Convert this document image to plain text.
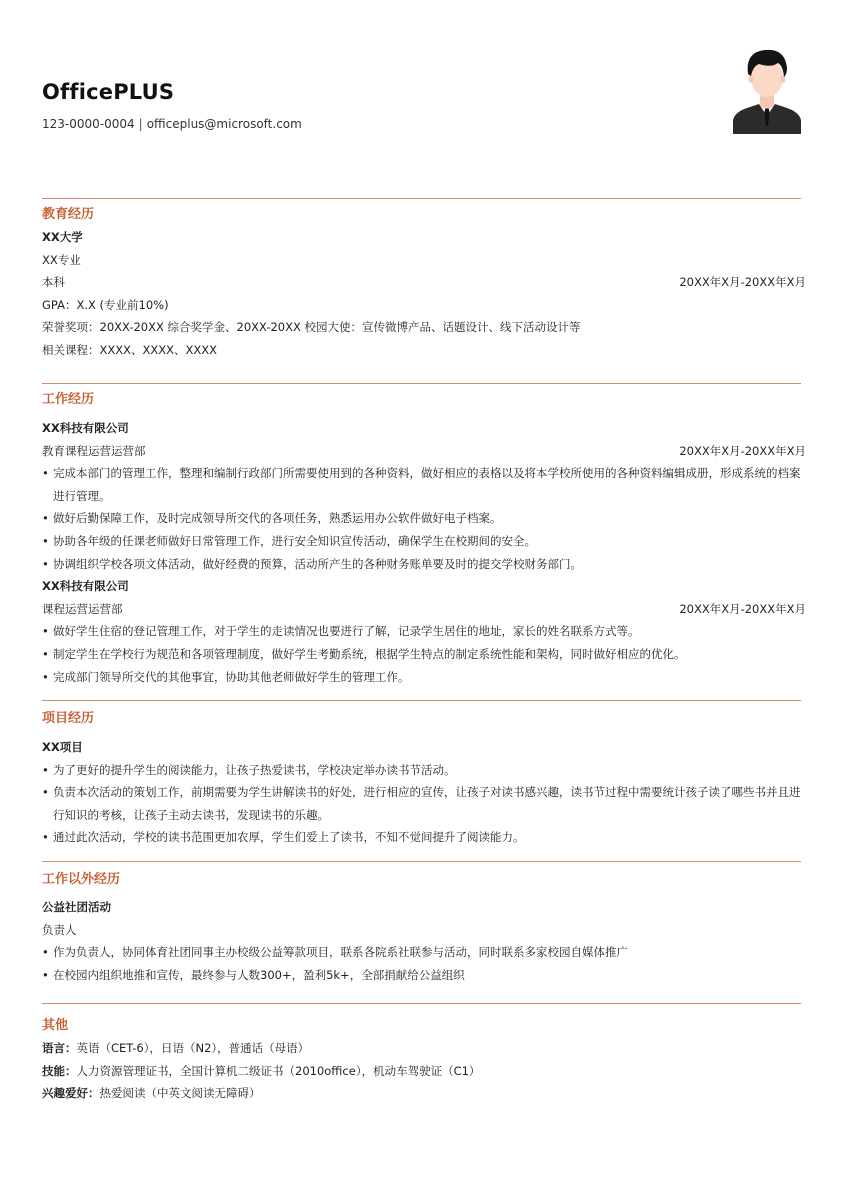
OfficePLUS
123-0000-0004 | officeplus@microsoft.com
教育经历
XX大学
XX专业
本科	20XX年X月-20XX年X月
GPA：X.X (专业前10%)
荣誉奖项：20XX-20XX 综合奖学金、20XX-20XX 校园大使：宣传微博产品、话题设计、线下活动设计等
相关课程：XXXX、XXXX、XXXX
工作经历
XX科技有限公司
教育课程运营运营部	20XX年X月-20XX年X月
• 完成本部门的管理工作，整理和编制行政部门所需要使用到的各种资料，做好相应的表格以及将本学校所使用的各种资料编辑成册，形成系统的档案进行管理。
• 做好后勤保障工作，及时完成领导所交代的各项任务，熟悉运用办公软件做好电子档案。
• 协助各年级的任课老师做好日常管理工作，进行安全知识宣传活动，确保学生在校期间的安全。
• 协调组织学校各项文体活动，做好经费的预算，活动所产生的各种财务账单要及时的提交学校财务部门。
XX科技有限公司
课程运营运营部	20XX年X月-20XX年X月
• 做好学生住宿的登记管理工作，对于学生的走读情况也要进行了解，记录学生居住的地址，家长的姓名联系方式等。
• 制定学生在学校行为规范和各项管理制度，做好学生考勤系统，根据学生特点的制定系统性能和架构，同时做好相应的优化。
• 完成部门领导所交代的其他事宜，协助其他老师做好学生的管理工作。
项目经历
XX项目
• 为了更好的提升学生的阅读能力，让孩子热爱读书，学校决定举办读书节活动。
• 负责本次活动的策划工作，前期需要为学生讲解读书的好处，进行相应的宣传，让孩子对读书感兴趣，读书节过程中需要统计孩子读了哪些书并且进行知识的考核，让孩子主动去读书，发现读书的乐趣。
• 通过此次活动，学校的读书范围更加农厚，学生们爱上了读书，不知不觉间提升了阅读能力。
工作以外经历
公益社团活动
负责人
• 作为负责人，协同体育社团同事主办校级公益筹款项目，联系各院系社联参与活动，同时联系多家校园自媒体推广
• 在校园内组织地推和宣传，最终参与人数300+，盈利5k+，全部捐献给公益组织
其他
语言：英语（CET-6），日语（N2），普通话（母语）
技能：人力资源管理证书，全国计算机二级证书（2010office），机动车驾驶证（C1）
兴趣爱好：热爱阅读（中英文阅读无障碍）
